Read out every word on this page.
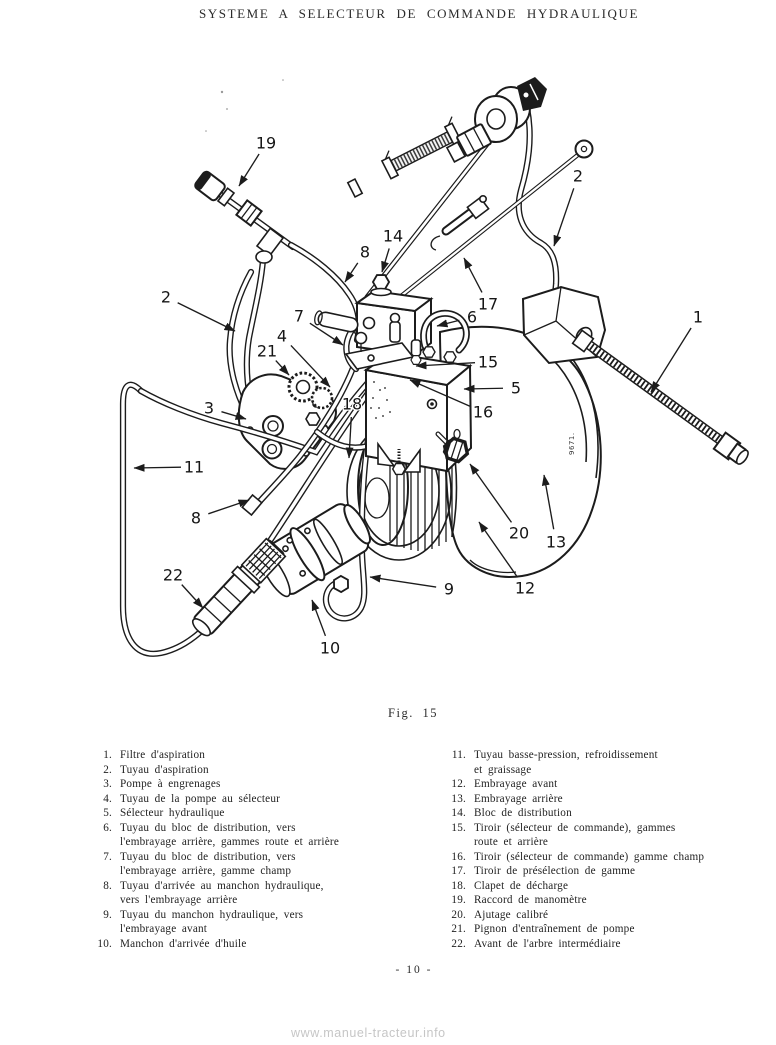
SYSTEME A SELECTEUR DE COMMANDE HYDRAULIQUE
9671.
19
2
8
14
17
6
7
4
21
2
1
15
5
16
18
3
11
8
20 13
12
22
9
10
Fig. 15
1. Filtre d'aspiration
2. Tuyau d'aspiration
3. Pompe à engrenages
4. Tuyau de la pompe au sélecteur
5. Sélecteur hydraulique
6. Tuyau du bloc de distribution, vers
l'embrayage arrière, gammes route et arrière
7. Tuyau du bloc de distribution, vers
l'embrayage arrière, gamme champ
8. Tuyau d'arrivée au manchon hydraulique,
vers l'embrayage arrière
9. Tuyau du manchon hydraulique, vers
l'embrayage avant
10. Manchon d'arrivée d'huile
11. Tuyau basse-pression, refroidissement
et graissage
12. Embrayage avant
13. Embrayage arrière
14. Bloc de distribution
15. Tiroir (sélecteur de commande), gammes
route et arrière
16. Tiroir (sélecteur de commande) gamme champ
17. Tiroir de présélection de gamme
18. Clapet de décharge
19. Raccord de manomètre
20. Ajutage calibré
21. Pignon d'entraînement de pompe
22. Avant de l'arbre intermédiaire
- 10 -
www.manuel-tracteur.info
